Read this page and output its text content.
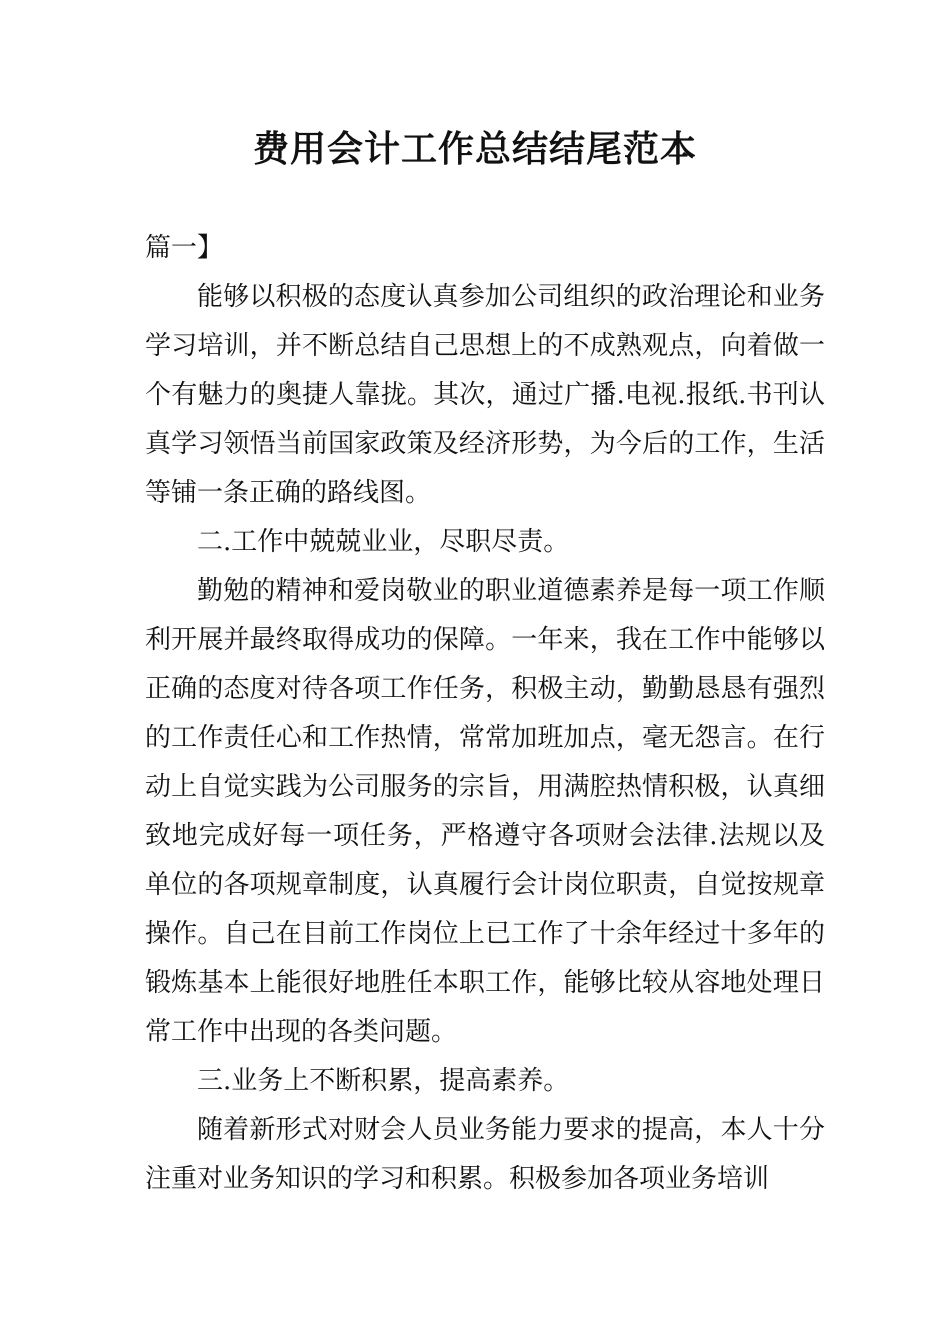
费用会计工作总结结尾范本

篇一】

能够以积极的态度认真参加公司组织的政治理论和业务学习培训，并不断总结自己思想上的不成熟观点，向着做一个有魅力的奥捷人靠拢。其次，通过广播.电视.报纸.书刊认真学习领悟当前国家政策及经济形势，为今后的工作，生活等铺一条正确的路线图。

二.工作中兢兢业业，尽职尽责。

勤勉的精神和爱岗敬业的职业道德素养是每一项工作顺利开展并最终取得成功的保障。一年来，我在工作中能够以正确的态度对待各项工作任务，积极主动，勤勤恳恳有强烈的工作责任心和工作热情，常常加班加点，毫无怨言。在行动上自觉实践为公司服务的宗旨，用满腔热情积极，认真细致地完成好每一项任务，严格遵守各项财会法律.法规以及单位的各项规章制度，认真履行会计岗位职责，自觉按规章操作。自己在目前工作岗位上已工作了十余年经过十多年的锻炼基本上能很好地胜任本职工作，能够比较从容地处理日常工作中出现的各类问题。

三.业务上不断积累，提高素养。

随着新形式对财会人员业务能力要求的提高，本人十分注重对业务知识的学习和积累。积极参加各项业务培训
